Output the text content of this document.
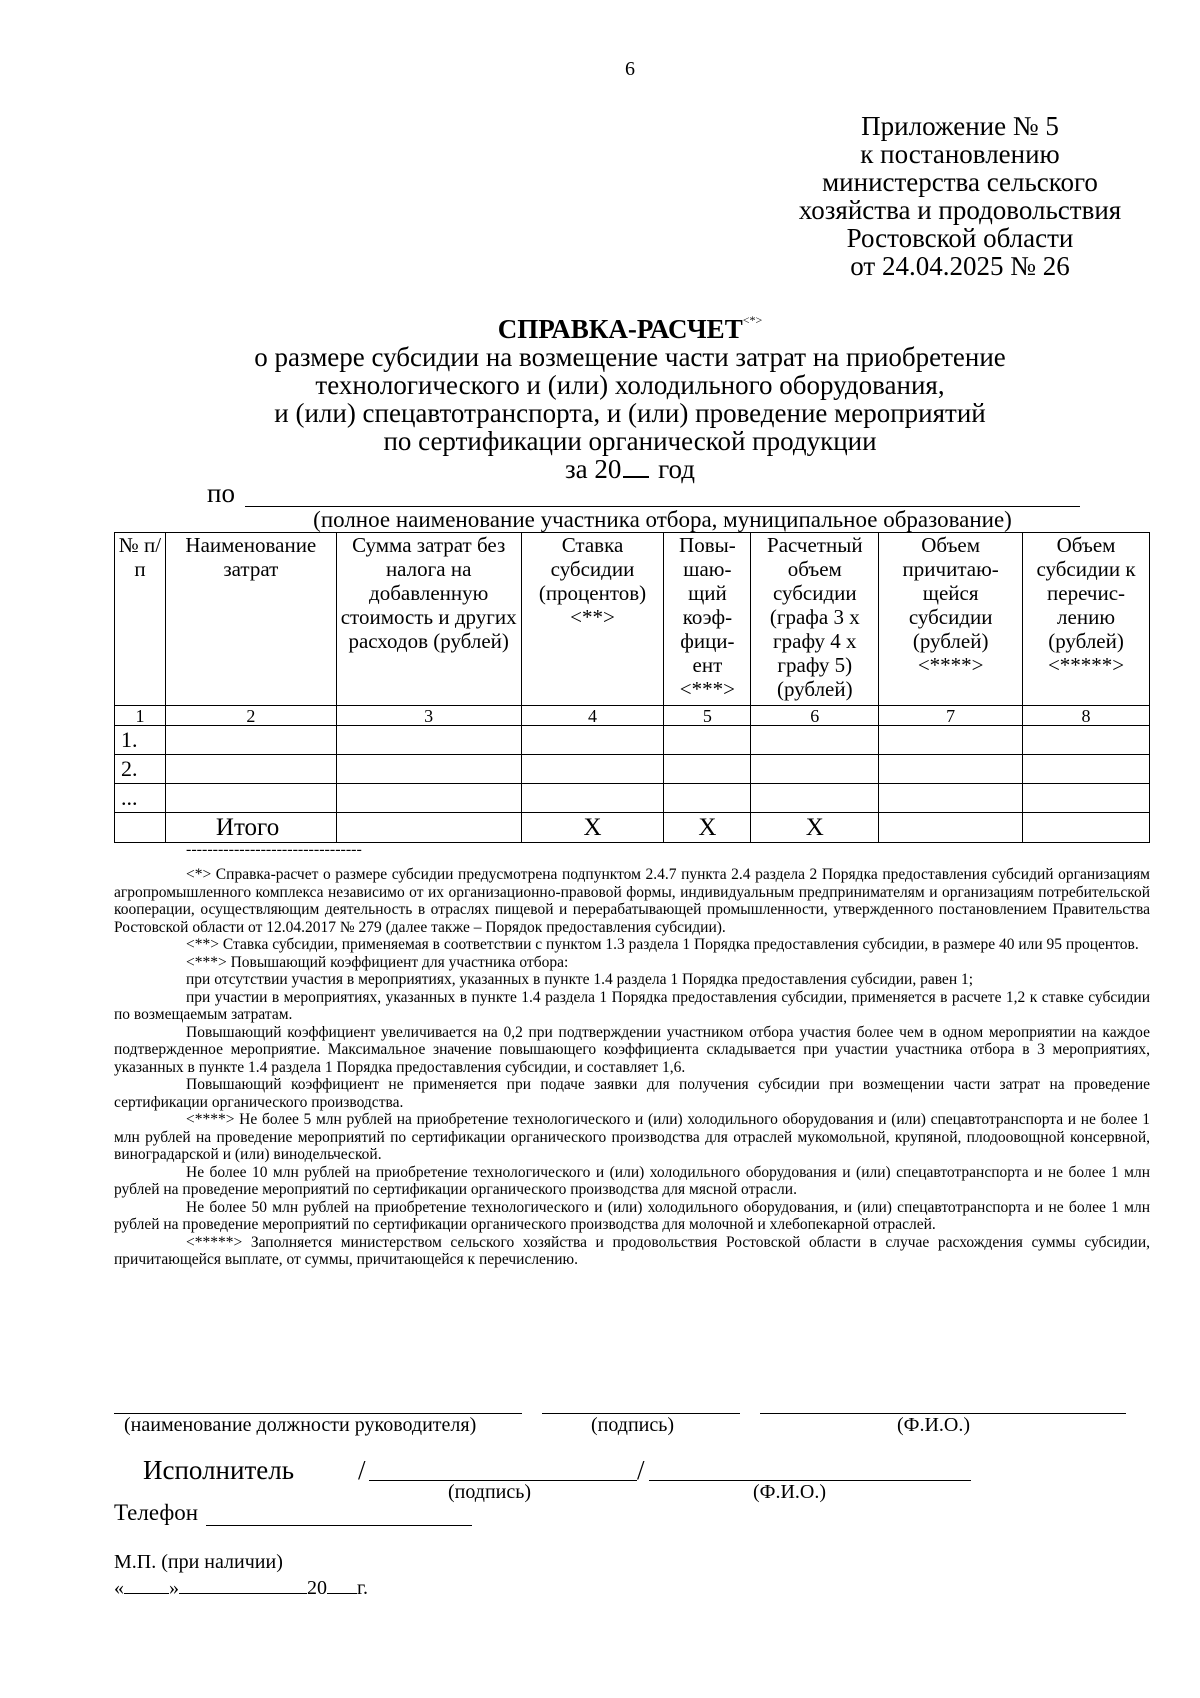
6
Приложение № 5
к постановлению
министерства сельского
хозяйства и продовольствия
Ростовской области
от 24.04.2025 № 26
СПРАВКА-РАСЧЕТ<*>
о размере субсидии на возмещение части затрат на приобретение
технологического и (или) холодильного оборудования,
и (или) спецавтотранспорта, и (или) проведение мероприятий
по сертификации органической продукции
за 20 год
по
(полное наименование участника отбора, муниципальное образование)
№ п/п	Наименование затрат	Сумма затрат без налога на добавленную стоимость и других расходов (рублей)	Ставка субсидии (процентов) <**>	Повы- шаю- щий коэф- фици- ент <***>	Расчетный объем субсидии (графа 3 х графу 4 х графу 5) (рублей)	Объем причитаю- щейся субсидии (рублей) <****>	Объем субсидии к перечис- лению (рублей) <*****>
1	2	3	4	5	6	7	8
1.							
2.							
...							
	Итого		Х	Х	Х		
---------------------------------

<*> Справка-расчет о размере субсидии предусмотрена подпунктом 2.4.7 пункта 2.4 раздела 2 Порядка предоставления субсидий организациям агропромышленного комплекса независимо от их организационно-правовой формы, индивидуальным предпринимателям и организациям потребительской кооперации, осуществляющим деятельность в отраслях пищевой и перерабатывающей промышленности, утвержденного постановлением Правительства Ростовской области от 12.04.2017 № 279 (далее также – Порядок предоставления субсидии).

<**> Ставка субсидии, применяемая в соответствии с пунктом 1.3 раздела 1 Порядка предоставления субсидии, в размере 40 или 95 процентов.

<***> Повышающий коэффициент для участника отбора:

при отсутствии участия в мероприятиях, указанных в пункте 1.4 раздела 1 Порядка предоставления субсидии, равен 1;

при участии в мероприятиях, указанных в пункте 1.4 раздела 1 Порядка предоставления субсидии, применяется в расчете 1,2 к ставке субсидии по возмещаемым затратам.

Повышающий коэффициент увеличивается на 0,2 при подтверждении участником отбора участия более чем в одном мероприятии на каждое подтвержденное мероприятие. Максимальное значение повышающего коэффициента складывается при участии участника отбора в 3 мероприятиях, указанных в пункте 1.4 раздела 1 Порядка предоставления субсидии, и составляет 1,6.

Повышающий коэффициент не применяется при подаче заявки для получения субсидии при возмещении части затрат на проведение сертификации органического производства.

<****> Не более 5 млн рублей на приобретение технологического и (или) холодильного оборудования и (или) спецавтотранспорта и не более 1 млн рублей на проведение мероприятий по сертификации органического производства для отраслей мукомольной, крупяной, плодоовощной консервной, виноградарской и (или) винодельческой.

Не более 10 млн рублей на приобретение технологического и (или) холодильного оборудования и (или) спецавтотранспорта и не более 1 млн рублей на проведение мероприятий по сертификации органического производства для мясной отрасли.

Не более 50 млн рублей на приобретение технологического и (или) холодильного оборудования, и (или) спецавтотранспорта и не более 1 млн рублей на проведение мероприятий по сертификации органического производства для молочной и хлебопекарной отраслей.

<*****> Заполняется министерством сельского хозяйства и продовольствия Ростовской области в случае расхождения суммы субсидии, причитающейся выплате, от суммы, причитающейся к перечислению.

(наименование должности руководителя)	(подпись)	(Ф.И.О.)
Исполнитель /	/
(подпись)	(Ф.И.О.)
Телефон
М.П. (при наличии)
« »	20 г.
